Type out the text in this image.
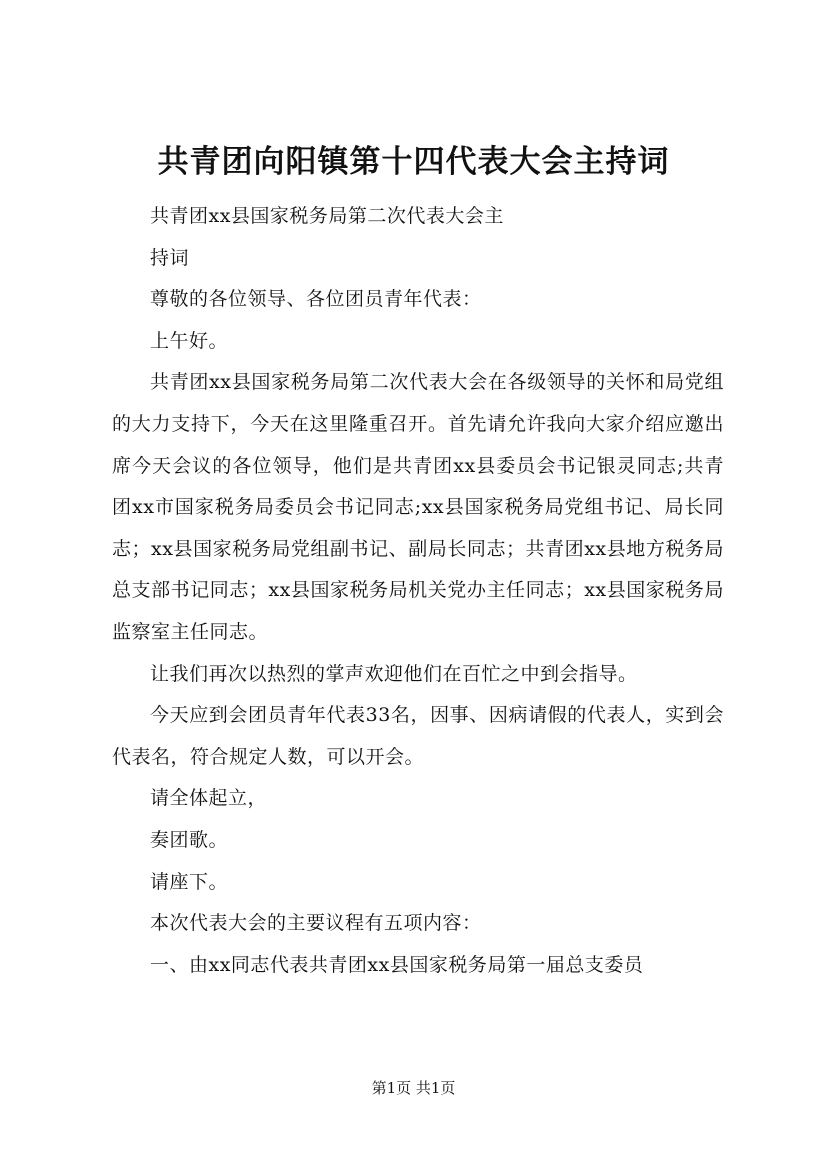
共青团向阳镇第十四代表大会主持词

共青团xx县国家税务局第二次代表大会主

持词

尊敬的各位领导、各位团员青年代表：

上午好。

共青团xx县国家税务局第二次代表大会在各级领导的关怀和局党组的大力支持下，今天在这里隆重召开。首先请允许我向大家介绍应邀出席今天会议的各位领导，他们是共青团xx县委员会书记银灵同志;共青团xx市国家税务局委员会书记同志;xx县国家税务局党组书记、局长同志；xx县国家税务局党组副书记、副局长同志；共青团xx县地方税务局总支部书记同志；xx县国家税务局机关党办主任同志；xx县国家税务局监察室主任同志。

让我们再次以热烈的掌声欢迎他们在百忙之中到会指导。

今天应到会团员青年代表33名，因事、因病请假的代表人，实到会代表名，符合规定人数，可以开会。

请全体起立，

奏团歌。

请座下。

本次代表大会的主要议程有五项内容：

一、由xx同志代表共青团xx县国家税务局第一届总支委员

第1页 共1页
